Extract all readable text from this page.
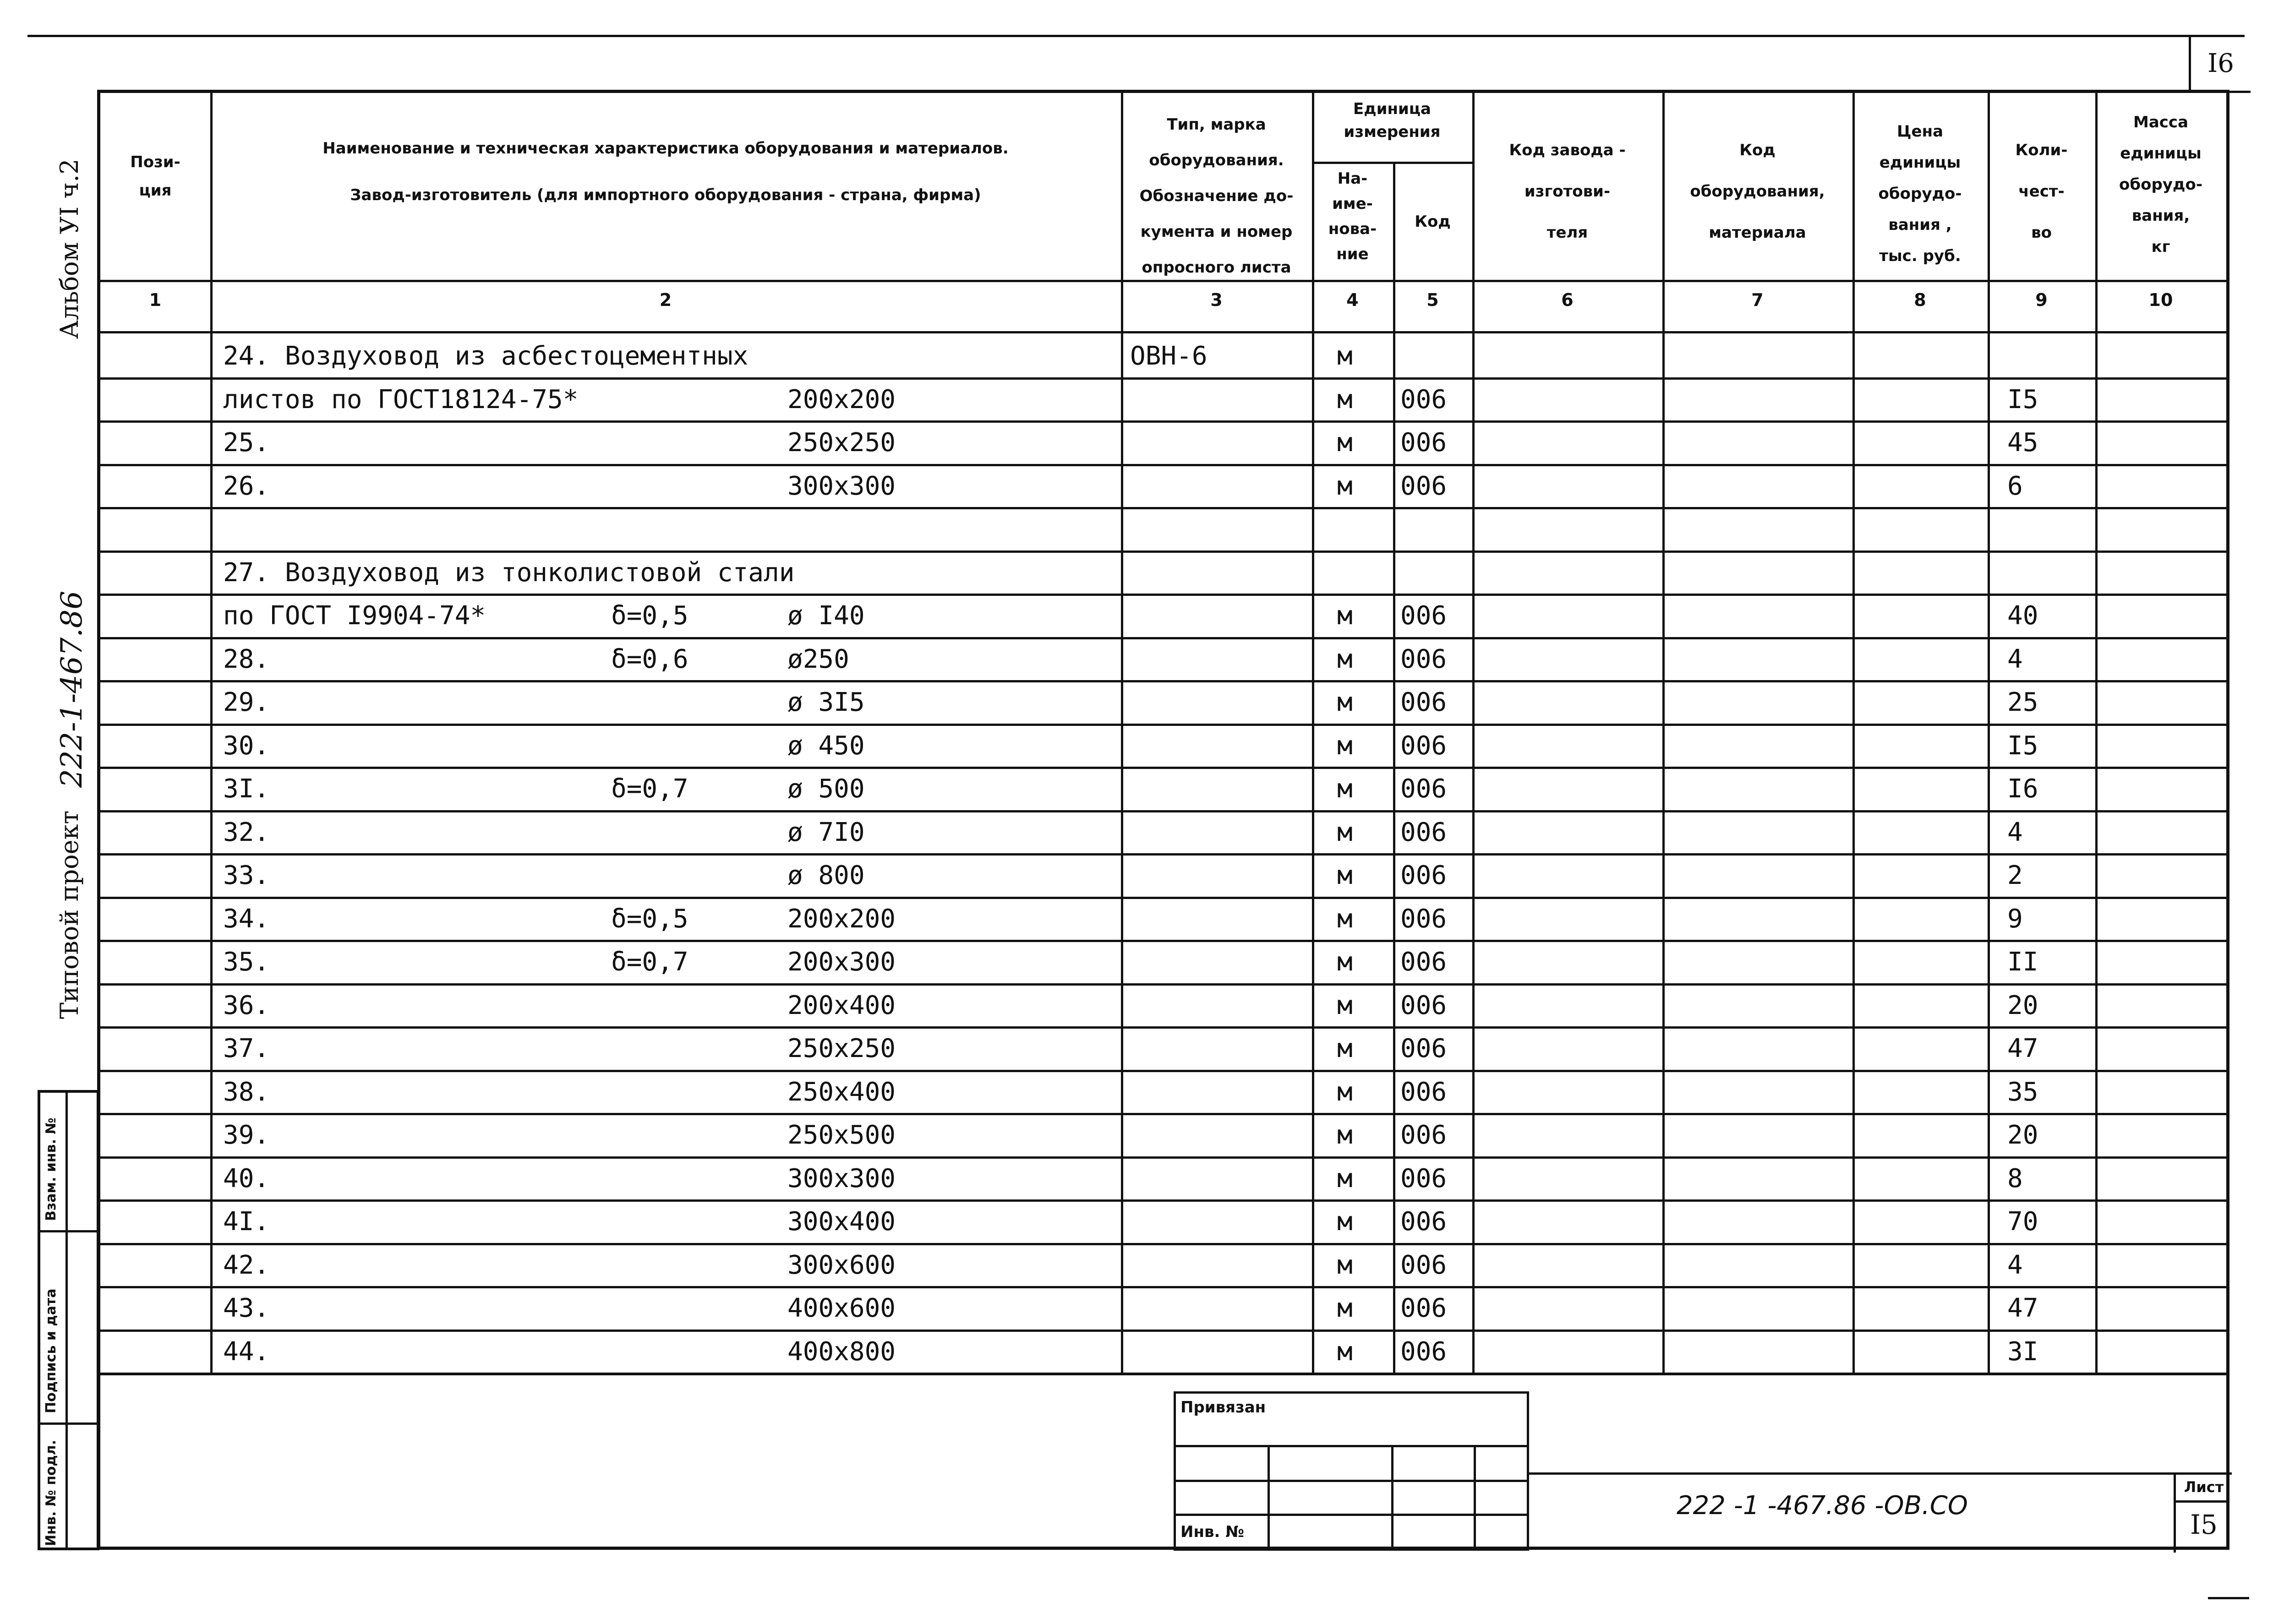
I6
Альбом УI ч.2
222-1-467.86
Типовой проект
Взам. инв. №
Подпись и дата
Инв. № подл.
Пози-
ция
Наименование и техническая характеристика оборудования и материалов.
Завод-изготовитель (для импортного оборудования - страна, фирма)
Тип, марка
оборудования.
Обозначение до-
кумента и номер
опросного листа
Единица
измерения
На-
име-
нова-
ние
Код
Код завода -
изготови-
теля
Код
оборудования,
материала
Цена
единицы
оборудо-
вания ,
тыс. руб.
Коли-
чест-
во
Масса
единицы
оборудо-
вания,
кг
1	2	3	4	5	6	7	8	9	10
24. Воздуховод из асбестоцементных	ОВН-6	м
листов по ГОСТ18124-75*	200х200	м 006	I5
25.	250х250	м 006	45
26.	300х300	м 006	6
27. Воздуховод из тонколистовой стали
по ГОСТ I9904-74*	δ=0,5	ø I40	м 006	40
28.	δ=0,6	ø250	м 006	4
29.	ø 3I5	м 006	25
30.	ø 450	м 006	I5
3I.	δ=0,7	ø 500	м 006	I6
32.	ø 7I0	м 006	4
33.	ø 800	м 006	2
34.	δ=0,5	200х200	м 006	9
35.	δ=0,7	200х300	м 006	II
36.	200х400	м 006	20
37.	250х250	м 006	47
38.	250х400	м 006	35
39.	250х500	м 006	20
40.	300х300	м 006	8
4I.	300х400	м 006	70
42.	300х600	м 006	4
43.	400х600	м 006	47
44.	400х800	м 006	3I
Привязан
Инв. №
222 -1 -467.86 -ОВ.СО
Лист
I5
